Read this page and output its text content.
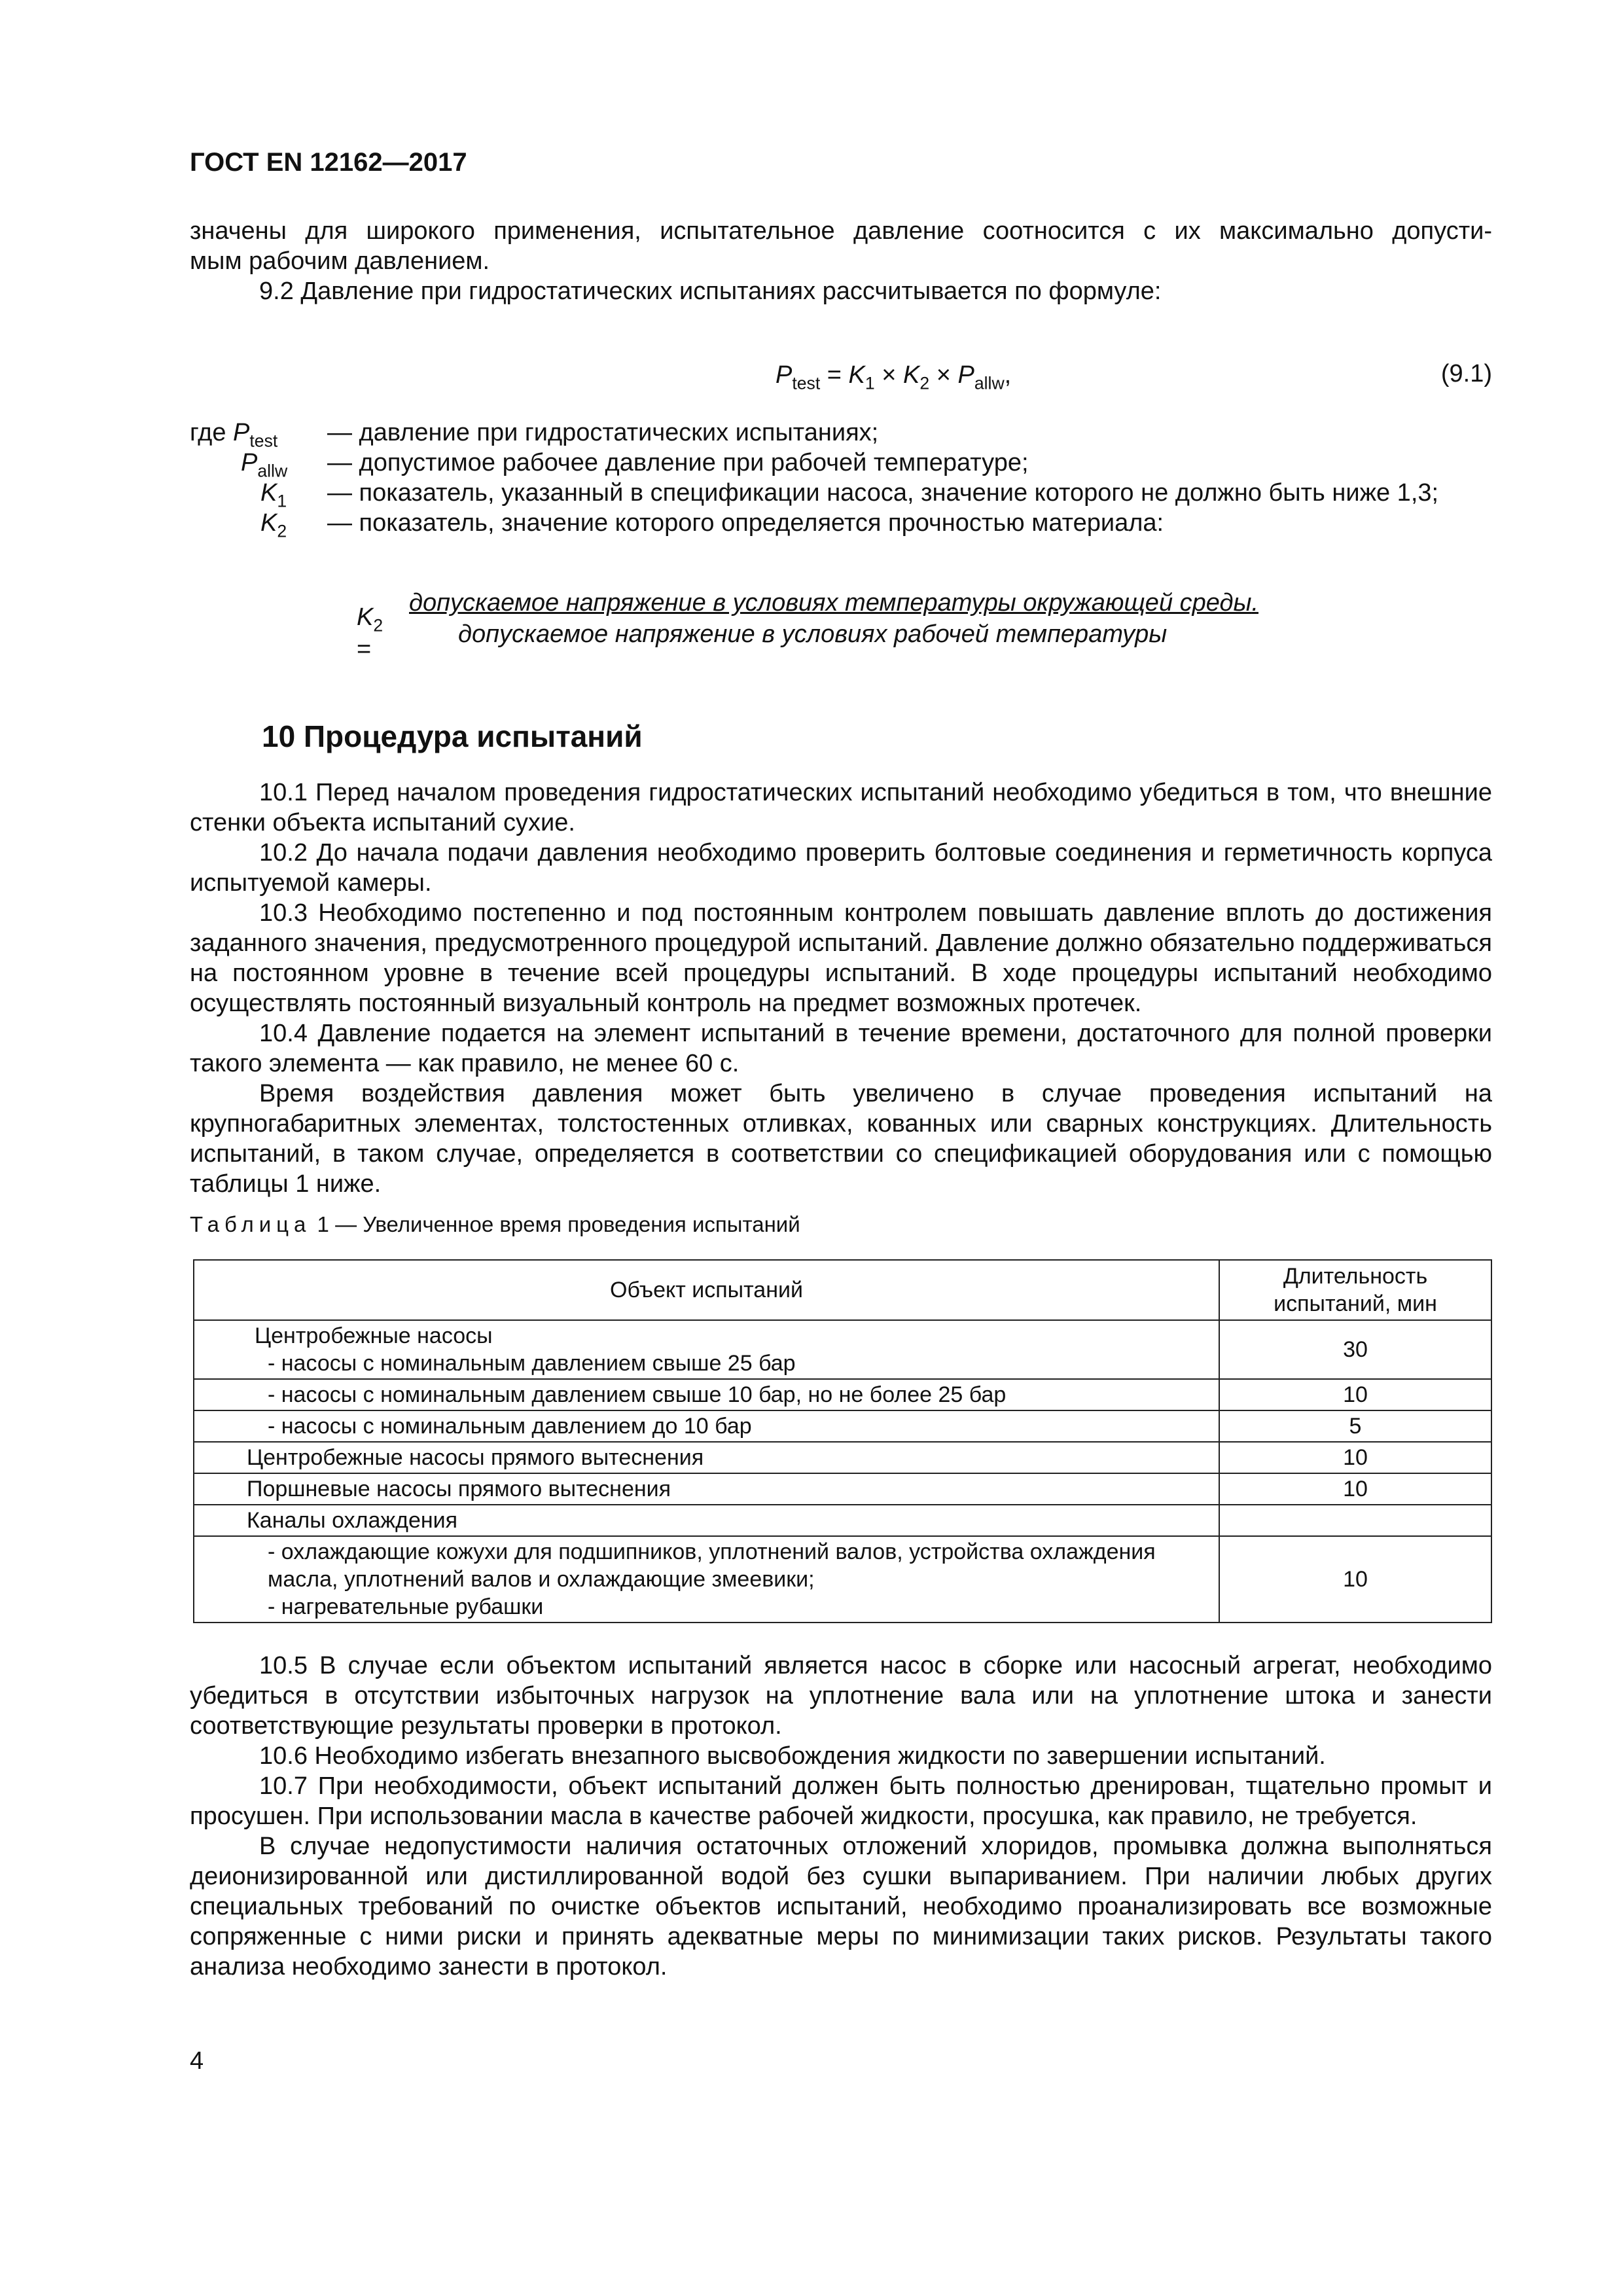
ГОСТ EN 12162—2017

значены для широкого применения, испытательное давление соотносится с их максимально допусти-

мым рабочим давлением.

9.2 Давление при гидростатических испытаниях рассчитывается по формуле:

$P_{test} = K_1 \times K_2 \times P_{allw}$,	(9.1)
где $P_{test}$ — давление при гидростатических испытаниях;
$P_{allw}$ — допустимое рабочее давление при рабочей температуре;
$K_1$ — показатель, указанный в спецификации насоса, значение которого не должно быть ниже 1,3;
$K_2$ — показатель, значение которого определяется прочностью материала:
$K_2$ =
допускаемое напряжение в условиях температуры окружающей среды.
допускаемое напряжение в условиях рабочей температуры
10 Процедура испытаний

10.1 Перед началом проведения гидростатических испытаний необходимо убедиться в том, что внешние стенки объекта испытаний сухие.

10.2 До начала подачи давления необходимо проверить болтовые соединения и герметичность корпуса испытуемой камеры.

10.3 Необходимо постепенно и под постоянным контролем повышать давление вплоть до достижения заданного значения, предусмотренного процедурой испытаний. Давление должно обязательно поддерживаться на постоянном уровне в течение всей процедуры испытаний. В ходе процедуры испытаний необходимо осуществлять постоянный визуальный контроль на предмет возможных протечек.

10.4 Давление подается на элемент испытаний в течение времени, достаточного для полной проверки такого элемента — как правило, не менее 60 с.

Время воздействия давления может быть увеличено в случае проведения испытаний на крупногабаритных элементах, толстостенных отливках, кованных или сварных конструкциях. Длительность испытаний, в таком случае, определяется в соответствии со спецификацией оборудования или с помощью таблицы 1 ниже.

Таблица 1 — Увеличенное время проведения испытаний
Объект испытаний	Длительность испытаний, мин

Центробежные насосы
- насосы с номинальным давлением свыше 25 бар	30

- насосы с номинальным давлением свыше 10 бар, но не более 25 бар	10

- насосы с номинальным давлением до 10 бар	5
Центробежные насосы прямого вытеснения	10
Поршневые насосы прямого вытеснения	10
Каналы охлаждения	

- охлаждающие кожухи для подшипников, уплотнений валов, устройства охлаждения масла, уплотнений валов и охлаждающие змеевики;
- нагревательные рубашки	10

10.5 В случае если объектом испытаний является насос в сборке или насосный агрегат, необходимо убедиться в отсутствии избыточных нагрузок на уплотнение вала или на уплотнение штока и занести соответствующие результаты проверки в протокол.

10.6 Необходимо избегать внезапного высвобождения жидкости по завершении испытаний.

10.7 При необходимости, объект испытаний должен быть полностью дренирован, тщательно промыт и просушен. При использовании масла в качестве рабочей жидкости, просушка, как правило, не требуется.

В случае недопустимости наличия остаточных отложений хлоридов, промывка должна выполняться деионизированной или дистиллированной водой без сушки выпариванием. При наличии любых других специальных требований по очистке объектов испытаний, необходимо проанализировать все возможные сопряженные с ними риски и принять адекватные меры по минимизации таких рисков. Результаты такого анализа необходимо занести в протокол.

4
